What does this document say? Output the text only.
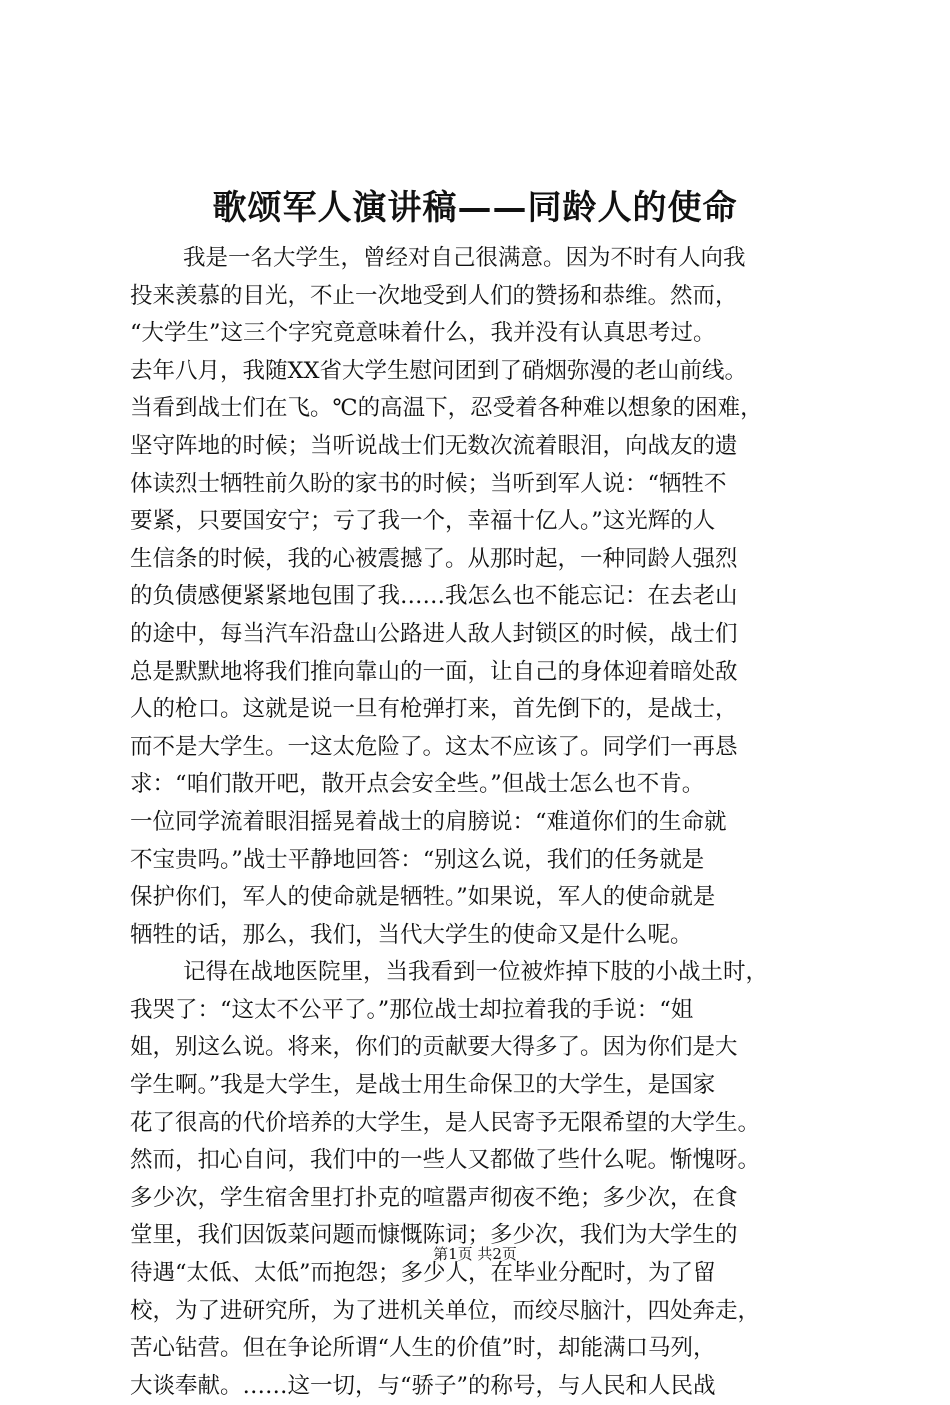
歌颂军人演讲稿——同龄人的使命
我是一名大学生，曾经对自己很满意。因为不时有人向我
投来羡慕的目光，不止一次地受到人们的赞扬和恭维。然而，
“大学生”这三个字究竟意味着什么，我并没有认真思考过。
去年八月，我随XX省大学生慰问团到了硝烟弥漫的老山前线。
当看到战士们在飞。℃的高温下，忍受着各种难以想象的困难，
坚守阵地的时候；当听说战士们无数次流着眼泪，向战友的遗
体读烈士牺牲前久盼的家书的时候；当听到军人说：“牺牲不
要紧，只要国安宁；亏了我一个，幸福十亿人。”这光辉的人
生信条的时候，我的心被震撼了。从那时起，一种同龄人强烈
的负债感便紧紧地包围了我……我怎么也不能忘记：在去老山
的途中，每当汽车沿盘山公路进人敌人封锁区的时候，战士们
总是默默地将我们推向靠山的一面，让自己的身体迎着暗处敌
人的枪口。这就是说一旦有枪弹打来，首先倒下的，是战士，
而不是大学生。一这太危险了。这太不应该了。同学们一再恳
求：“咱们散开吧，散开点会安全些。”但战士怎么也不肯。
一位同学流着眼泪摇晃着战士的肩膀说：“难道你们的生命就
不宝贵吗。”战士平静地回答：“别这么说，我们的任务就是
保护你们，军人的使命就是牺牲。”如果说，军人的使命就是
牺牲的话，那么，我们，当代大学生的使命又是什么呢。
记得在战地医院里，当我看到一位被炸掉下肢的小战土时，
我哭了：“这太不公平了。”那位战士却拉着我的手说：“姐
姐，别这么说。将来，你们的贡献要大得多了。因为你们是大
学生啊。”我是大学生，是战士用生命保卫的大学生，是国家
花了很高的代价培养的大学生，是人民寄予无限希望的大学生。
然而，扣心自问，我们中的一些人又都做了些什么呢。惭愧呀。
多少次，学生宿舍里打扑克的喧嚣声彻夜不绝；多少次，在食
堂里，我们因饭菜问题而慷慨陈词；多少次，我们为大学生的
待遇“太低、太低”而抱怨；多少人，在毕业分配时，为了留
校，为了进研究所，为了进机关单位，而绞尽脑汁，四处奔走，
苦心钻营。但在争论所谓“人生的价值”时，却能满口马列，
大谈奉献。……这一切，与“骄子”的称号，与人民和人民战
第1页 共2页
